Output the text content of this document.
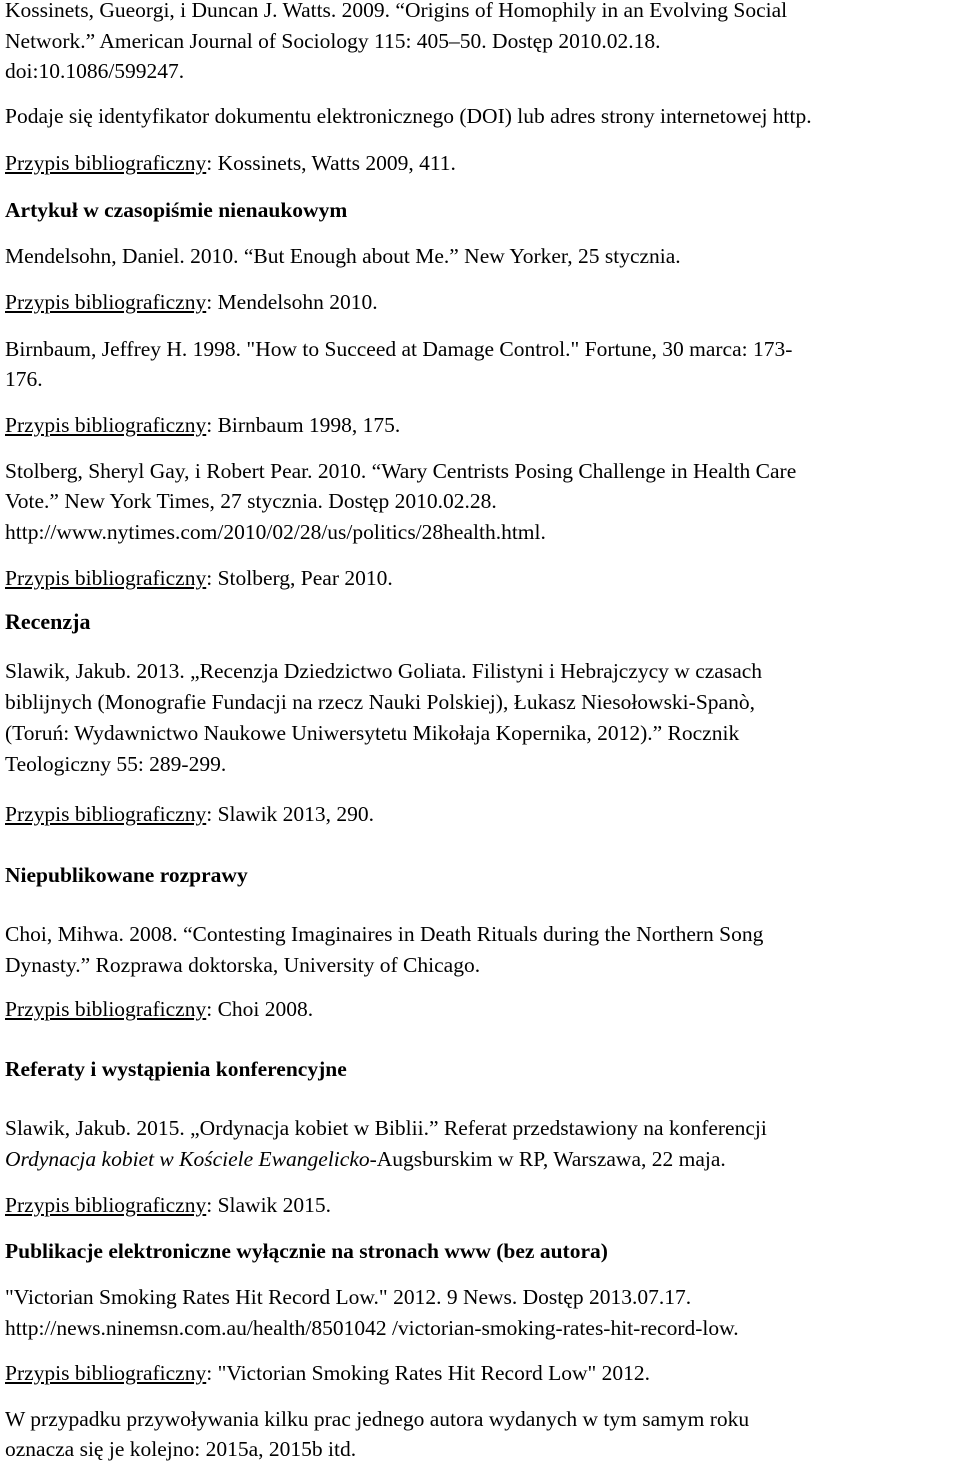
Kossinets, Gueorgi, i Duncan J. Watts. 2009. “Origins of Homophily in an Evolving Social
Network.” American Journal of Sociology 115: 405–50. Dostęp 2010.02.18.
doi:10.1086/599247.
Podaje się identyfikator dokumentu elektronicznego (DOI) lub adres strony internetowej http.
Przypis bibliograficzny: Kossinets, Watts 2009, 411.
Artykuł w czasopiśmie nienaukowym
Mendelsohn, Daniel. 2010. “But Enough about Me.” New Yorker, 25 stycznia.
Przypis bibliograficzny: Mendelsohn 2010.
Birnbaum, Jeffrey H. 1998. "How to Succeed at Damage Control." Fortune, 30 marca: 173-
176.
Przypis bibliograficzny: Birnbaum 1998, 175.
Stolberg, Sheryl Gay, i Robert Pear. 2010. “Wary Centrists Posing Challenge in Health Care
Vote.” New York Times, 27 stycznia. Dostęp 2010.02.28.
http://www.nytimes.com/2010/02/28/us/politics/28health.html.
Przypis bibliograficzny: Stolberg, Pear 2010.
Recenzja
Slawik, Jakub. 2013. „Recenzja Dziedzictwo Goliata. Filistyni i Hebrajczycy w czasach
biblijnych (Monografie Fundacji na rzecz Nauki Polskiej), Łukasz Niesołowski-Spanò,
(Toruń: Wydawnictwo Naukowe Uniwersytetu Mikołaja Kopernika, 2012).” Rocznik
Teologiczny 55: 289-299.
Przypis bibliograficzny: Slawik 2013, 290.
Niepublikowane rozprawy
Choi, Mihwa. 2008. “Contesting Imaginaires in Death Rituals during the Northern Song
Dynasty.” Rozprawa doktorska, University of Chicago.
Przypis bibliograficzny: Choi 2008.
Referaty i wystąpienia konferencyjne
Slawik, Jakub. 2015. „Ordynacja kobiet w Biblii.” Referat przedstawiony na konferencji
Ordynacja kobiet w Kościele Ewangelicko-Augsburskim w RP, Warszawa, 22 maja.
Przypis bibliograficzny: Slawik 2015.
Publikacje elektroniczne wyłącznie na stronach www (bez autora)
"Victorian Smoking Rates Hit Record Low." 2012. 9 News. Dostęp 2013.07.17.
http://news.ninemsn.com.au/health/8501042 /victorian-smoking-rates-hit-record-low.
Przypis bibliograficzny: "Victorian Smoking Rates Hit Record Low" 2012.
W przypadku przywoływania kilku prac jednego autora wydanych w tym samym roku
oznacza się je kolejno: 2015a, 2015b itd.
